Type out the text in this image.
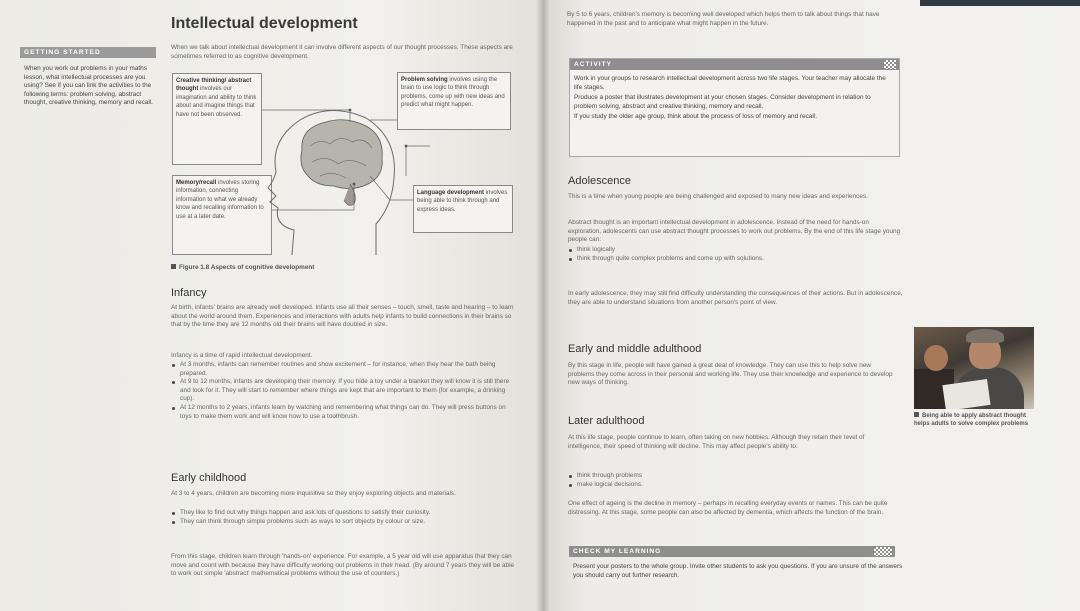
Intellectual development
When we talk about intellectual development it can involve different aspects of our thought processes. These aspects are sometimes referred to as cognitive development.
GETTING STARTED
When you work out problems in your maths lesson, what intellectual processes are you using? See if you can link the activities to the following terms: problem solving, abstract thought, creative thinking, memory and recall.
Creative thinking/ abstract thought involves our imagination and ability to think about and imagine things that have not been observed.
Problem solving involves using the brain to use logic to think through problems, come up with new ideas and predict what might happen.
Memory/recall involves storing information, connecting information to what we already know and recalling information to use at a later date.
Language development involves being able to think through and express ideas.
Figure 1.8 Aspects of cognitive development
Infancy
At birth, infants' brains are already well developed. Infants use all their senses – touch, smell, taste and hearing – to learn about the world around them. Experiences and interactions with adults help infants to build connections in their brains so that by the time they are 12 months old their brains will have doubled in size.
Infancy is a time of rapid intellectual development.
At 3 months, infants can remember routines and show excitement – for instance, when they hear the bath being prepared.
At 9 to 12 months, infants are developing their memory. If you hide a toy under a blanket they will know it is still there and look for it. They will start to remember where things are kept that are important to them (for example, a drinking cup).
At 12 months to 2 years, infants learn by watching and remembering what things can do. They will press buttons on toys to make them work and will know how to use a toothbrush.
Early childhood
At 3 to 4 years, children are becoming more inquisitive so they enjoy exploring objects and materials.
They like to find out why things happen and ask lots of questions to satisfy their curiosity.
They can think through simple problems such as ways to sort objects by colour or size.
From this stage, children learn through 'hands-on' experience. For example, a 5 year old will use apparatus that they can move and count with because they have difficulty working out problems in their head. (By around 7 years they will be able to work out simple 'abstract' mathematical problems without the use of counters.)
By 5 to 6 years, children's memory is becoming well developed which helps them to talk about things that have happened in the past and to anticipate what might happen in the future.
ACTIVITY

Work in your groups to research intellectual development across two life stages. Your teacher may allocate the life stages.

Produce a poster that illustrates development at your chosen stages. Consider development in relation to problem solving, abstract and creative thinking, memory and recall.

If you study the older age group, think about the process of loss of memory and recall.

Adolescence
This is a time when young people are being challenged and exposed to many new ideas and experiences.
Abstract thought is an important intellectual development in adolescence. Instead of the need for hands-on exploration, adolescents can use abstract thought processes to work out problems. By the end of this life stage young people can:
think logically
think through quite complex problems and come up with solutions.
In early adolescence, they may still find difficulty understanding the consequences of their actions. But in adolescence, they are able to understand situations from another person's point of view.
Early and middle adulthood
By this stage in life, people will have gained a great deal of knowledge. They can use this to help solve new problems they come across in their personal and working life. They use their knowledge and experience to develop new ways of thinking.
Later adulthood
At this life stage, people continue to learn, often taking on new hobbies. Although they retain their level of intelligence, their speed of thinking will decline. This may affect people's ability to:
think through problems
make logical decisions.
One effect of ageing is the decline in memory – perhaps in recalling everyday events or names. This can be quite distressing. At this stage, some people can also be affected by dementia, which affects the function of the brain.
CHECK MY LEARNING
Present your posters to the whole group. Invite other students to ask you questions. If you are unsure of the answers you should carry out further research.
Being able to apply abstract thought helps adults to solve complex problems
